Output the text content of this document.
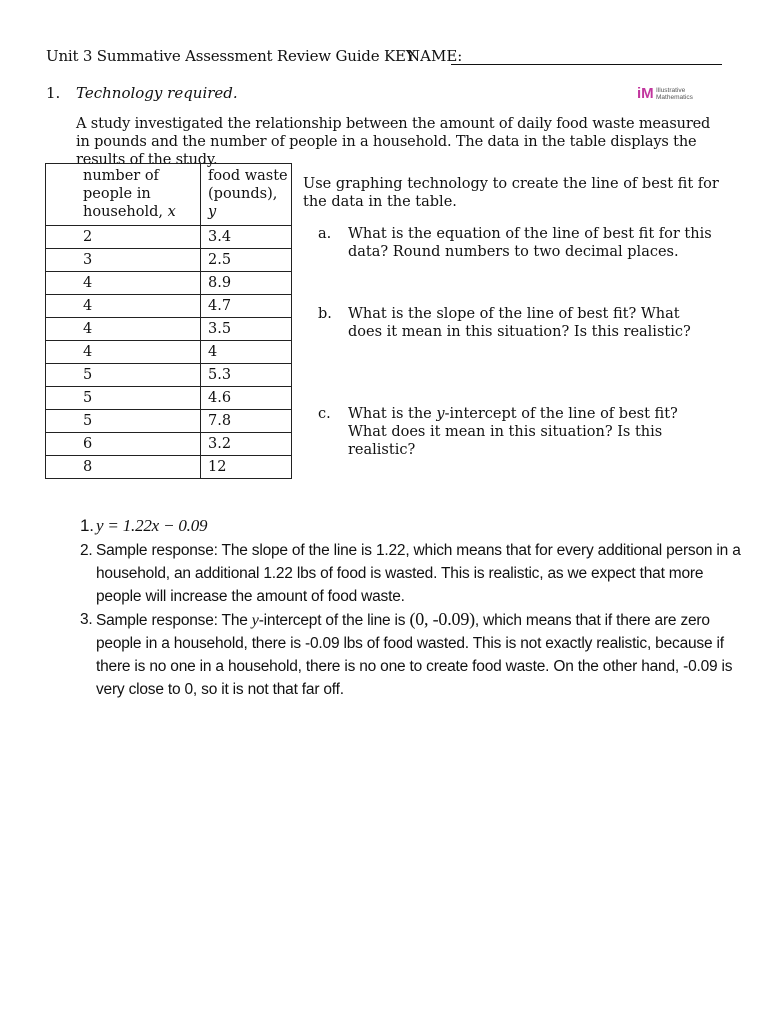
Unit 3 Summative Assessment Review Guide KEY
NAME:
1. Technology required.	iM Illustrative
Mathematics
A study investigated the relationship between the amount of daily food waste measured in pounds and the number of people in a household. The data in the table displays the results of the study.
number of people in household, x	food waste (pounds), y

2	3.4
3	2.5
4	8.9
4	4.7
4	3.5
4	4
5	5.3
5	4.6
5	7.8
6	3.2
8	12
Use graphing technology to create the line of best fit for the data in the table.
a. What is the equation of the line of best fit for this data? Round numbers to two decimal places.
b. What is the slope of the line of best fit? What does it mean in this situation? Is this realistic?
c. What is the y-intercept of the line of best fit? What does it mean in this situation? Is this realistic?
1. y = 1.22x − 0.09
2. Sample response: The slope of the line is 1.22, which means that for every additional person in a household, an additional 1.22 lbs of food is wasted. This is realistic, as we expect that more people will increase the amount of food waste.
3. Sample response: The y-intercept of the line is (0, -0.09), which means that if there are zero people in a household, there is -0.09 lbs of food wasted. This is not exactly realistic, because if there is no one in a household, there is no one to create food waste. On the other hand, -0.09 is very close to 0, so it is not that far off.
